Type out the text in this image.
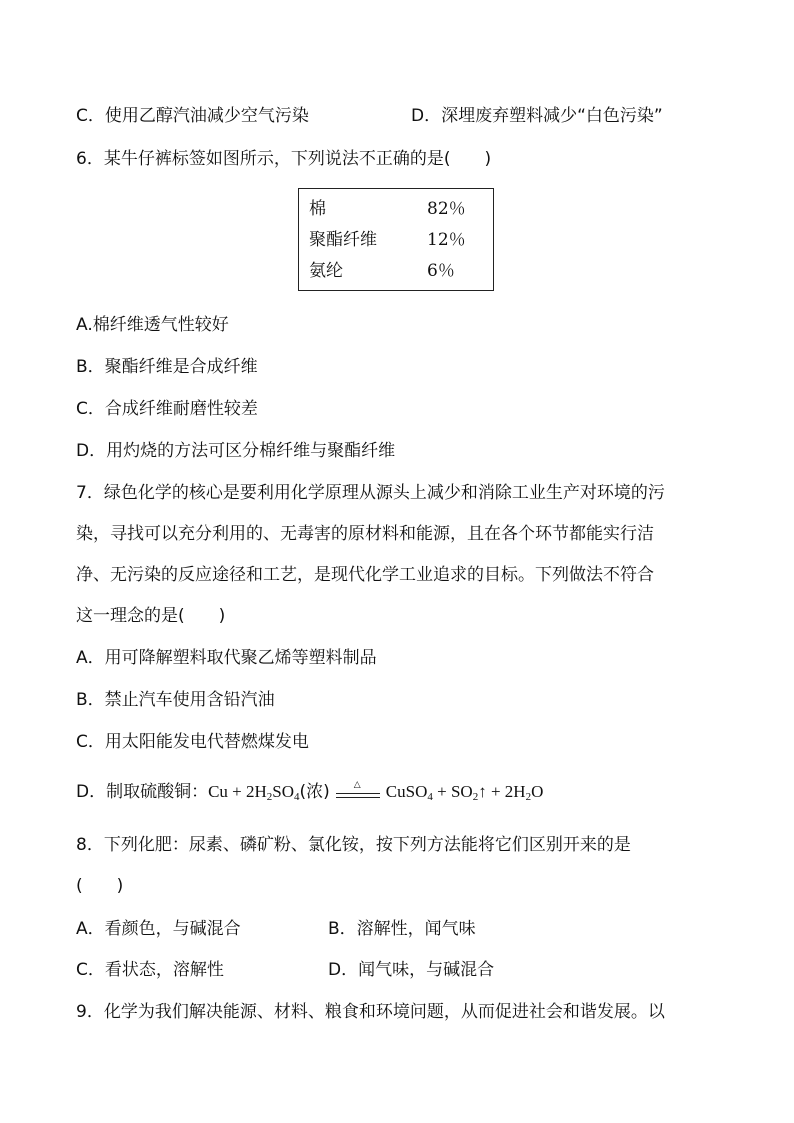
C．使用乙醇汽油减少空气污染	D．深埋废弃塑料减少“白色污染”
6．某牛仔裤标签如图所示，下列说法不正确的是(　　)
棉	82％
聚酯纤维	12％
氨纶	6％
A.棉纤维透气性较好
B．聚酯纤维是合成纤维
C．合成纤维耐磨性较差
D．用灼烧的方法可区分棉纤维与聚酯纤维
7．绿色化学的核心是要利用化学原理从源头上减少和消除工业生产对环境的污
染，寻找可以充分利用的、无毒害的原材料和能源，且在各个环节都能实行洁
净、无污染的反应途径和工艺，是现代化学工业追求的目标。下列做法不符合
这一理念的是(　　)
A．用可降解塑料取代聚乙烯等塑料制品
B．禁止汽车使用含铅汽油
C．用太阳能发电代替燃煤发电
D．制取硫酸铜：$Cu + 2H_2SO_4$(浓)	△ CuSO$_4$ + $SO_2↑ + 2H_2O$
8．下列化肥：尿素、磷矿粉、氯化铵，按下列方法能将它们区别开来的是
(　　)
A．看颜色，与碱混合	B．溶解性，闻气味
C．看状态，溶解性	D．闻气味，与碱混合
9．化学为我们解决能源、材料、粮食和环境问题，从而促进社会和谐发展。以
